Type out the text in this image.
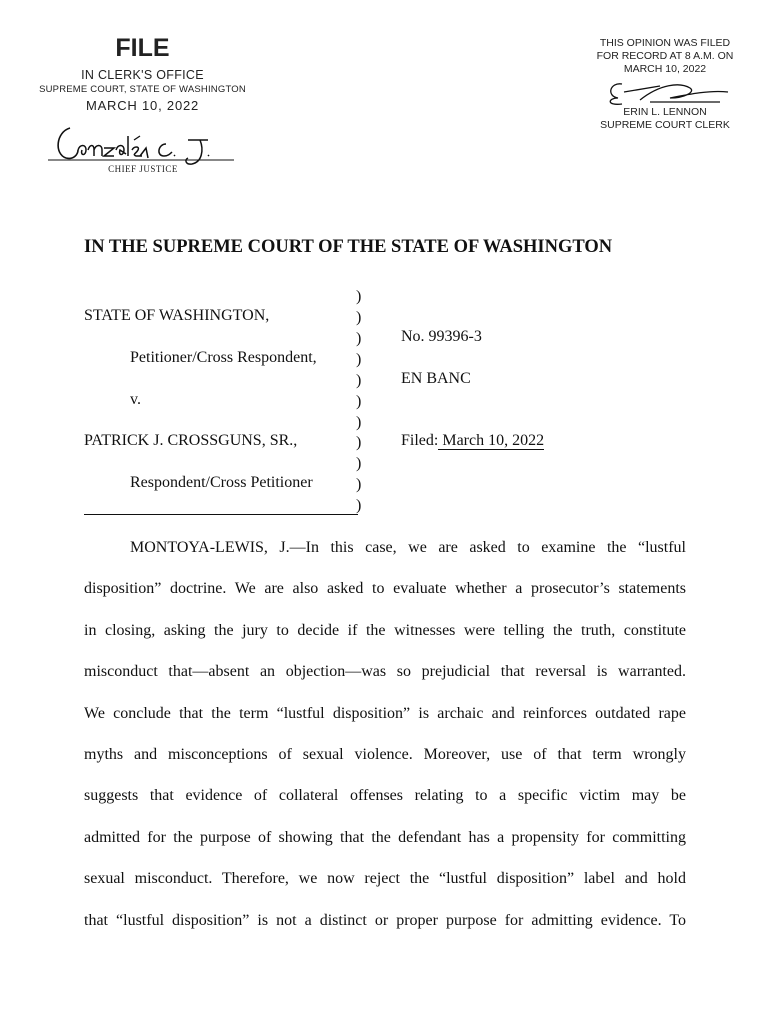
FILE
IN CLERK'S OFFICE
SUPREME COURT, STATE OF WASHINGTON
MARCH 10, 2022
CHIEF JUSTICE
THIS OPINION WAS FILED
FOR RECORD AT 8 A.M. ON
MARCH 10, 2022
ERIN L. LENNON
SUPREME COURT CLERK
IN THE SUPREME COURT OF THE STATE OF WASHINGTON
STATE OF WASHINGTON,
Petitioner/Cross Respondent,
v.
PATRICK J. CROSSGUNS, SR.,
Respondent/Cross Petitioner
No. 99396-3
EN BANC
Filed: March 10, 2022
)
)
)
)
)
)
)
)
)
)
)
MONTOYA-LEWIS, J.—In this case, we are asked to examine the “lustful
disposition” doctrine. We are also asked to evaluate whether a prosecutor’s statements
in closing, asking the jury to decide if the witnesses were telling the truth, constitute
misconduct that—absent an objection—was so prejudicial that reversal is warranted.
We conclude that the term “lustful disposition” is archaic and reinforces outdated rape
myths and misconceptions of sexual violence. Moreover, use of that term wrongly
suggests that evidence of collateral offenses relating to a specific victim may be
admitted for the purpose of showing that the defendant has a propensity for committing
sexual misconduct. Therefore, we now reject the “lustful disposition” label and hold
that “lustful disposition” is not a distinct or proper purpose for admitting evidence. To
